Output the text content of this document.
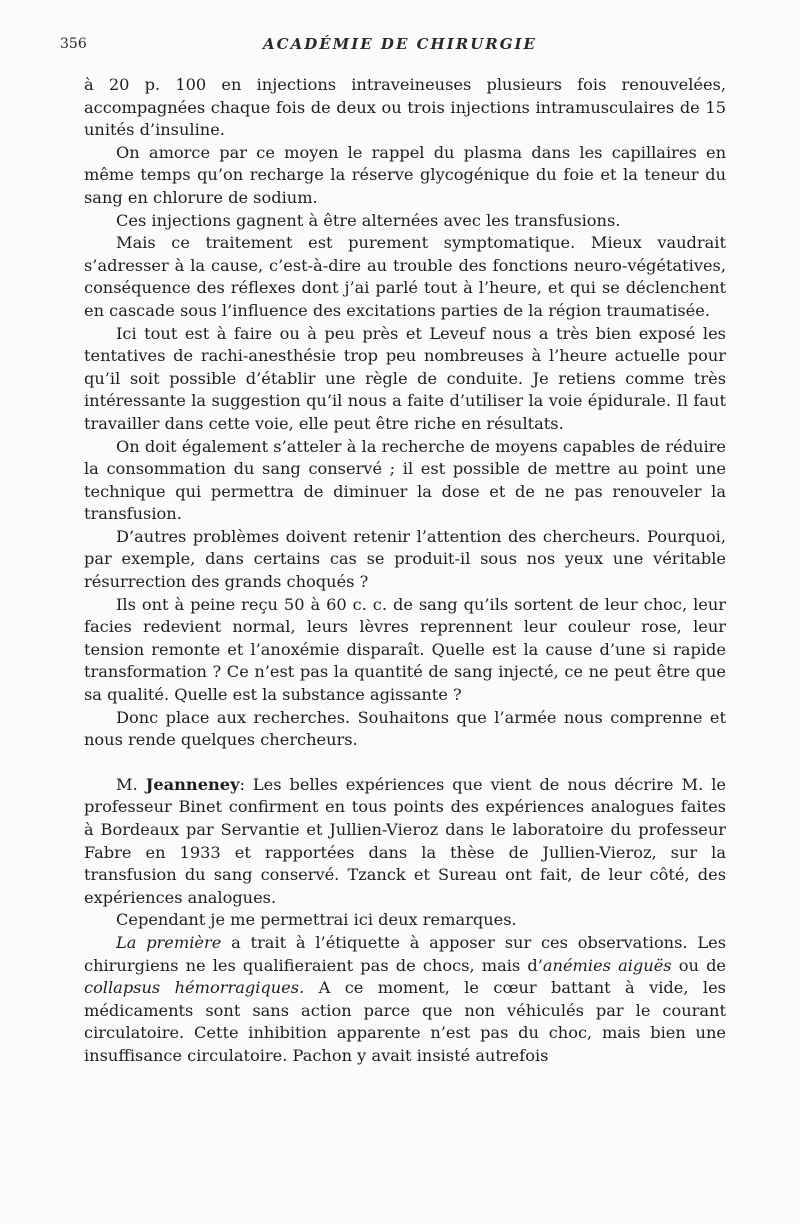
356	ACADÉMIE DE CHIRURGIE

à 20 p. 100 en injections intraveineuses plusieurs fois renouvelées, accompagnées chaque fois de deux ou trois injections intramusculaires de 15 unités d’insuline.

On amorce par ce moyen le rappel du plasma dans les capillaires en même temps qu’on recharge la réserve glycogénique du foie et la teneur du sang en chlorure de sodium.

Ces injections gagnent à être alternées avec les transfusions.

Mais ce traitement est purement symptomatique. Mieux vaudrait s’adresser à la cause, c’est-à-dire au trouble des fonctions neuro-végétatives, conséquence des réflexes dont j’ai parlé tout à l’heure, et qui se déclenchent en cascade sous l’influence des excitations parties de la région traumatisée.

Ici tout est à faire ou à peu près et Leveuf nous a très bien exposé les tentatives de rachi-anesthésie trop peu nombreuses à l’heure actuelle pour qu’il soit possible d’établir une règle de conduite. Je retiens comme très intéressante la suggestion qu’il nous a faite d’utiliser la voie épidurale. Il faut travailler dans cette voie, elle peut être riche en résultats.

On doit également s’atteler à la recherche de moyens capables de réduire la consommation du sang conservé ; il est possible de mettre au point une technique qui permettra de diminuer la dose et de ne pas renouveler la transfusion.

D’autres problèmes doivent retenir l’attention des chercheurs. Pourquoi, par exemple, dans certains cas se produit-il sous nos yeux une véritable résurrection des grands choqués ?

Ils ont à peine reçu 50 à 60 c. c. de sang qu’ils sortent de leur choc, leur facies redevient normal, leurs lèvres reprennent leur couleur rose, leur tension remonte et l’anoxémie disparaît. Quelle est la cause d’une si rapide transformation ? Ce n’est pas la quantité de sang injecté, ce ne peut être que sa qualité. Quelle est la substance agissante ?

Donc place aux recherches. Souhaitons que l’armée nous comprenne et nous rende quelques chercheurs.

M. Jeanneney: Les belles expériences que vient de nous décrire M. le professeur Binet confirment en tous points des expériences analogues faites à Bordeaux par Servantie et Jullien-Vieroz dans le laboratoire du professeur Fabre en 1933 et rapportées dans la thèse de Jullien-Vieroz, sur la transfusion du sang conservé. Tzanck et Sureau ont fait, de leur côté, des expériences analogues.

Cependant je me permettrai ici deux remarques.

La première a trait à l’étiquette à apposer sur ces observations. Les chirurgiens ne les qualifieraient pas de chocs, mais d’anémies aiguës ou de collapsus hémorragiques. A ce moment, le cœur battant à vide, les médicaments sont sans action parce que non véhiculés par le courant circulatoire. Cette inhibition apparente n’est pas du choc, mais bien une insuffisance circulatoire. Pachon y avait insisté autrefois
